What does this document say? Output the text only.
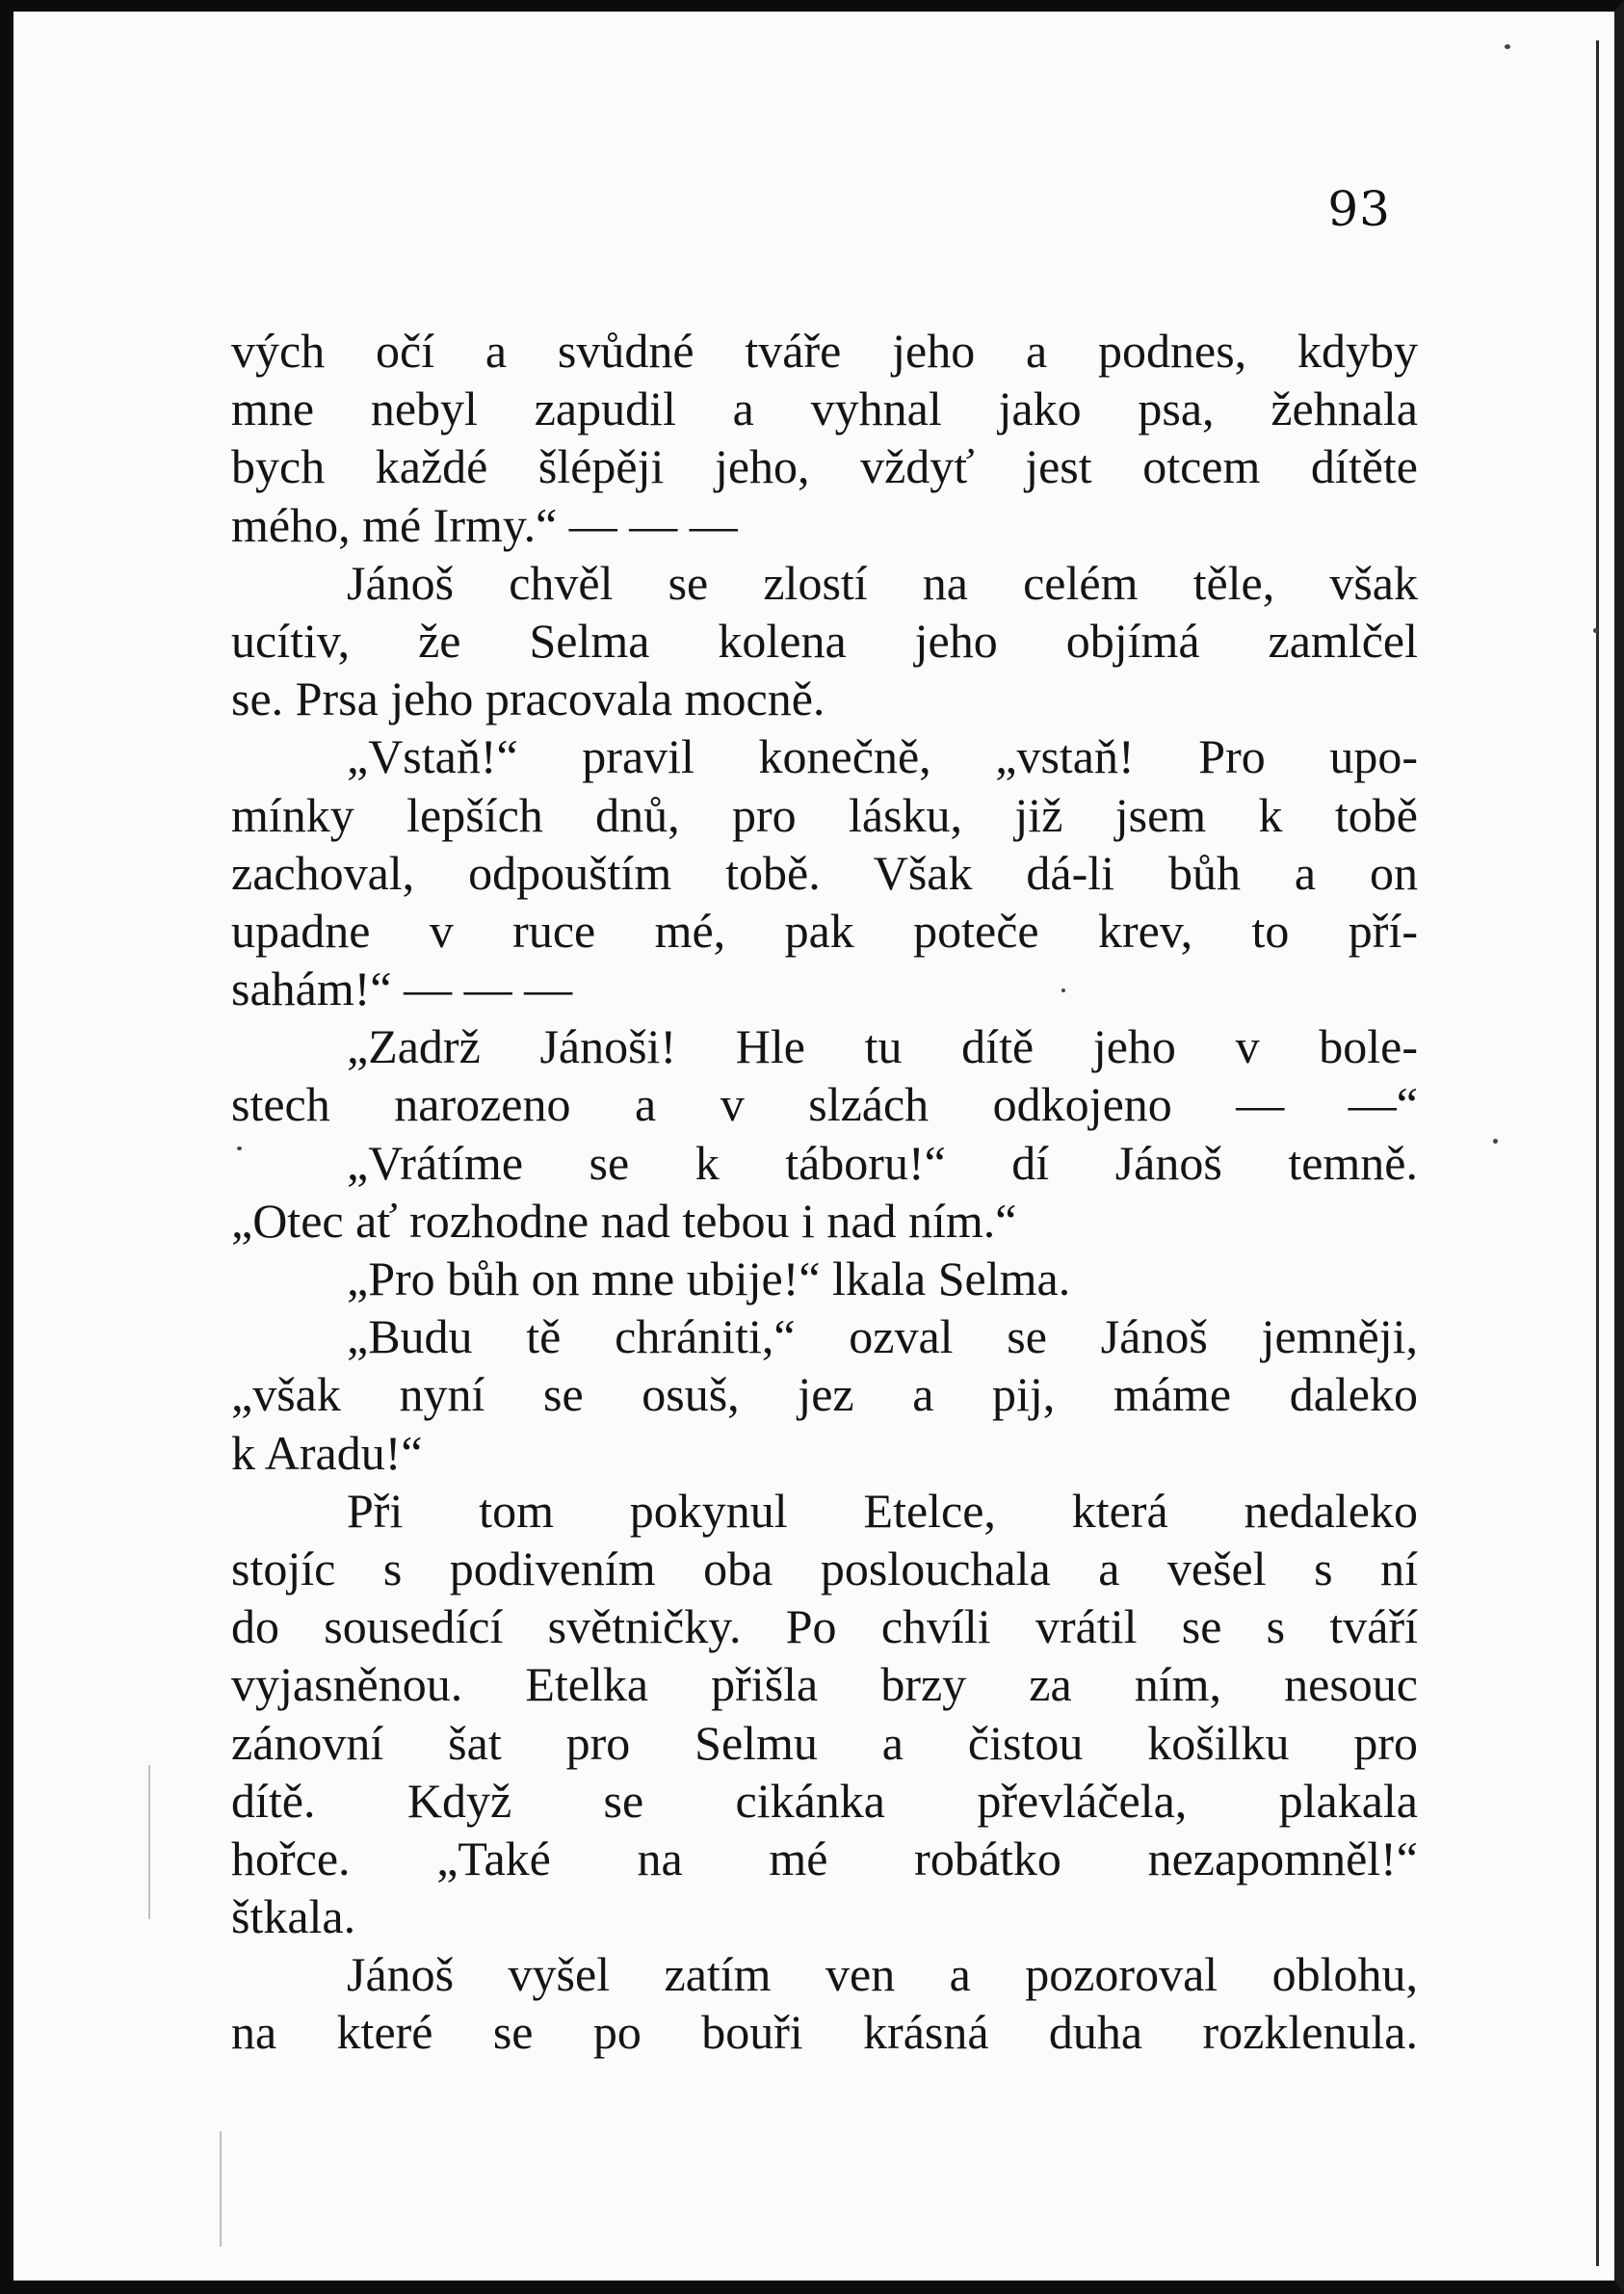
93
vých očí a svůdné tváře jeho a podnes, kdyby
mne nebyl zapudil a vyhnal jako psa, žehnala
bych každé šlépěji jeho, vždyť jest otcem dítěte
mého, mé Irmy.“ — — —
Jánoš chvěl se zlostí na celém těle, však
ucítiv, že Selma kolena jeho objímá zamlčel
se. Prsa jeho pracovala mocně.
„Vstaň!“ pravil konečně, „vstaň! Pro upo-
mínky lepších dnů, pro lásku, již jsem k tobě
zachoval, odpouštím tobě. Však dá-li bůh a on
upadne v ruce mé, pak poteče krev, to pří-
sahám!“ — — —
„Zadrž Jánoši! Hle tu dítě jeho v bole-
stech narozeno a v slzách odkojeno — —“
„Vrátíme se k táboru!“ dí Jánoš temně.
„Otec ať rozhodne nad tebou i nad ním.“
„Pro bůh on mne ubije!“ lkala Selma.
„Budu tě chrániti,“ ozval se Jánoš jemněji,
„však nyní se osuš, jez a pij, máme daleko
k Aradu!“
Při tom pokynul Etelce, která nedaleko
stojíc s podivením oba poslouchala a vešel s ní
do sousedící světničky. Po chvíli vrátil se s tváří
vyjasněnou. Etelka přišla brzy za ním, nesouc
zánovní šat pro Selmu a čistou košilku pro
dítě. Když se cikánka převláčela, plakala
hořce. „Také na mé robátko nezapomněl!“
štkala.
Jánoš vyšel zatím ven a pozoroval oblohu,
na které se po bouři krásná duha rozklenula.
